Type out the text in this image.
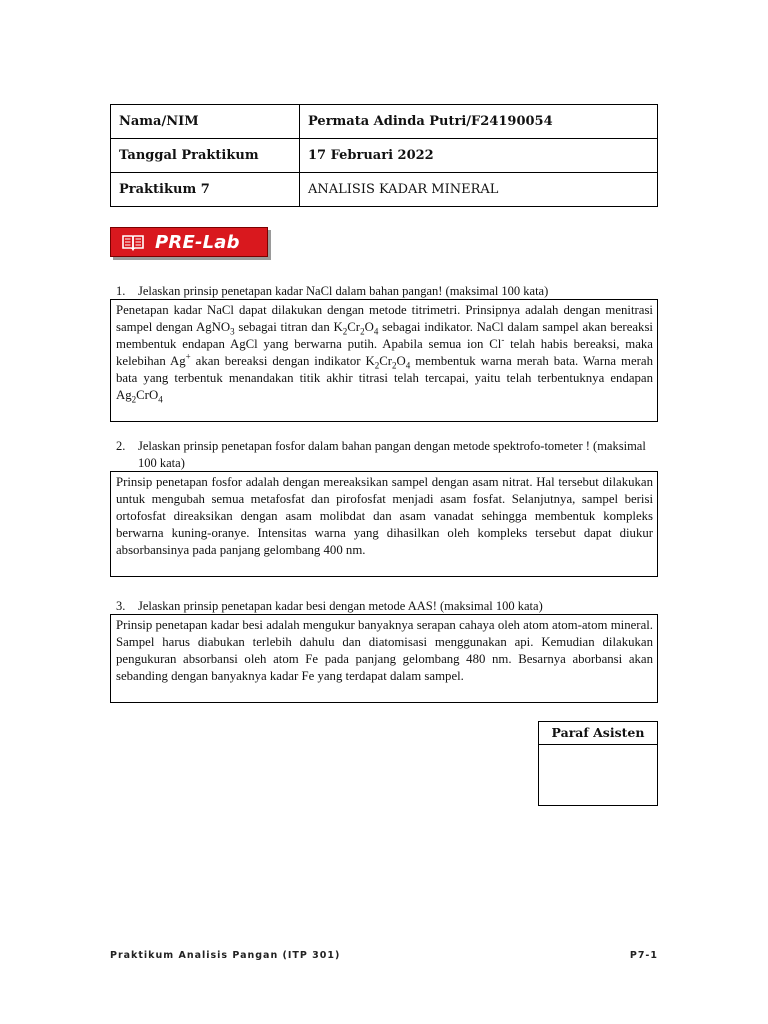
Nama/NIM	Permata Adinda Putri/F24190054
Tanggal Praktikum	17 Februari 2022
Praktikum 7	ANALISIS KADAR MINERAL
PRE-Lab
1.	Jelaskan prinsip penetapan kadar NaCl dalam bahan pangan! (maksimal 100 kata)

Penetapan kadar NaCl dapat dilakukan dengan metode titrimetri. Prinsipnya adalah dengan menitrasi sampel dengan AgNO$_3$ sebagai titran dan $K_2Cr_2O_4$ sebagai indikator. NaCl dalam sampel akan bereaksi membentuk endapan AgCl yang berwarna putih. Apabila semua ion Cl- telah habis bereaksi, maka kelebihan Ag+ akan bereaksi dengan indikator $K_2Cr_2O_4$ membentuk warna merah bata. Warna merah bata yang terbentuk menandakan titik akhir titrasi telah tercapai, yaitu telah terbentuknya endapan $Ag_2CrO_4$

2.	Jelaskan prinsip penetapan fosfor dalam bahan pangan dengan metode spektrofo-tometer ! (maksimal 100 kata)

Prinsip penetapan fosfor adalah dengan mereaksikan sampel dengan asam nitrat. Hal tersebut dilakukan untuk mengubah semua metafosfat dan pirofosfat menjadi asam fosfat. Selanjutnya, sampel berisi ortofosfat direaksikan dengan asam molibdat dan asam vanadat sehingga membentuk kompleks berwarna kuning-oranye. Intensitas warna yang dihasilkan oleh kompleks tersebut dapat diukur absorbansinya pada panjang gelombang 400 nm.

3.	Jelaskan prinsip penetapan kadar besi dengan metode AAS! (maksimal 100 kata)

Prinsip penetapan kadar besi adalah mengukur banyaknya serapan cahaya oleh atom atom-atom mineral. Sampel harus diabukan terlebih dahulu dan diatomisasi menggunakan api. Kemudian dilakukan pengukuran absorbansi oleh atom Fe pada panjang gelombang 480 nm. Besarnya aborbansi akan sebanding dengan banyaknya kadar Fe yang terdapat dalam sampel.

Paraf Asisten
Praktikum Analisis Pangan (ITP 301)	P7-1
